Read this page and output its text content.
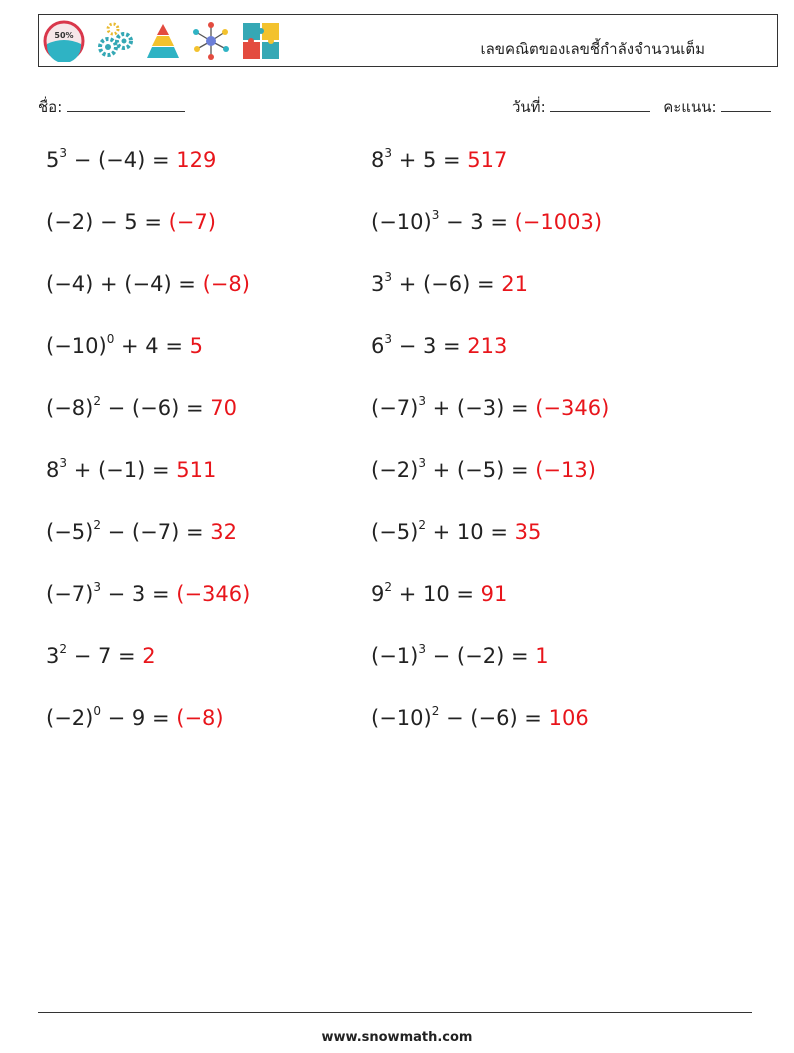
50%
เลขคณิตของเลขชี้กำลังจำนวนเต็ม
ชื่อ:	วันที่:	คะแนน:
$5^3 - (-4) = 129$
(−2) − 5 = (−7)
(−4) + (−4) = (−8)
$(-10)^0 + 4 = 5$
$(-8)^2 - (-6) = 70$
$8^3 + (-1) = 511$
$(-5)^2 - (-7) = 32$
$(-7)^3 - 3 = (-346)$
$3^2 - 7 = 2$
$(-2)^0 - 9 = (-8)$
$8^3 + 5 = 517$
$(-10)^3 - 3 = (-1003)$
$3^3 + (-6) = 21$
$6^3 - 3 = 213$
$(-7)^3 + (-3) = (-346)$
$(-2)^3 + (-5) = (-13)$
$(-5)^2 + 10 = 35$
$9^2 + 10 = 91$
$(-1)^3 - (-2) = 1$
$(-10)^2 - (-6) = 106$
www.snowmath.com
